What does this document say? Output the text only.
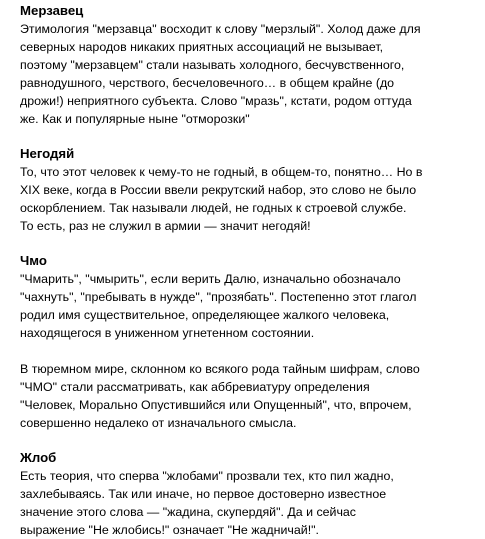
Мерзавец

Этимология "мерзавца" восходит к слову "мерзлый". Холод даже для
северных народов никаких приятных ассоциаций не вызывает,
поэтому "мерзавцем" стали называть холодного, бесчувственного,
равнодушного, черствого, бесчеловечного… в общем крайне (до
дрожи!) неприятного субъекта. Слово "мразь", кстати, родом оттуда
же. Как и популярные ныне "отморозки"

Негодяй

То, что этот человек к чему-то не годный, в общем-то, понятно… Но в
XIX веке, когда в России ввели рекрутский набор, это слово не было
оскорблением. Так называли людей, не годных к строевой службе.
То есть, раз не служил в армии — значит негодяй!

Чмо

"Чмарить", "чмырить", если верить Далю, изначально обозначало
"чахнуть", "пребывать в нужде", "прозябать". Постепенно этот глагол
родил имя существительное, определяющее жалкого человека,
находящегося в униженном угнетенном состоянии.

В тюремном мире, склонном ко всякого рода тайным шифрам, слово
"ЧМО" стали рассматривать, как аббревиатуру определения
"Человек, Морально Опустившийся или Опущенный", что, впрочем,
совершенно недалеко от изначального смысла.

Жлоб

Есть теория, что сперва "жлобами" прозвали тех, кто пил жадно,
захлебываясь. Так или иначе, но первое достоверно известное
значение этого слова — "жадина, скупердяй". Да и сейчас
выражение "Не жлобись!" означает "Не жадничай!".
